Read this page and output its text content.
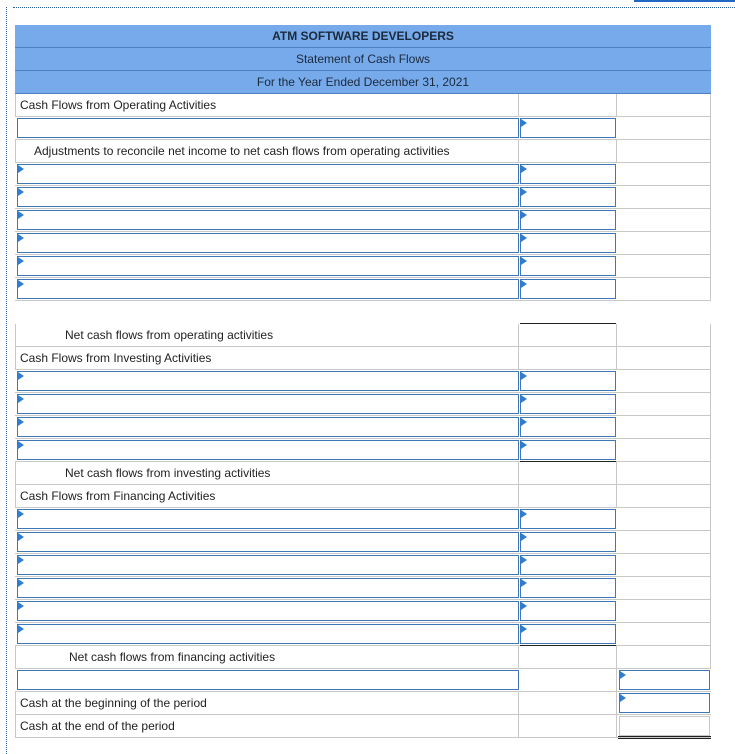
ATM SOFTWARE DEVELOPERS
Statement of Cash Flows
For the Year Ended December 31, 2021
Cash Flows from Operating Activities
Adjustments to reconcile net income to net cash flows from operating activities
Net cash flows from operating activities
Cash Flows from Investing Activities
Net cash flows from investing activities
Cash Flows from Financing Activities
Net cash flows from financing activities
Cash at the beginning of the period
Cash at the end of the period
